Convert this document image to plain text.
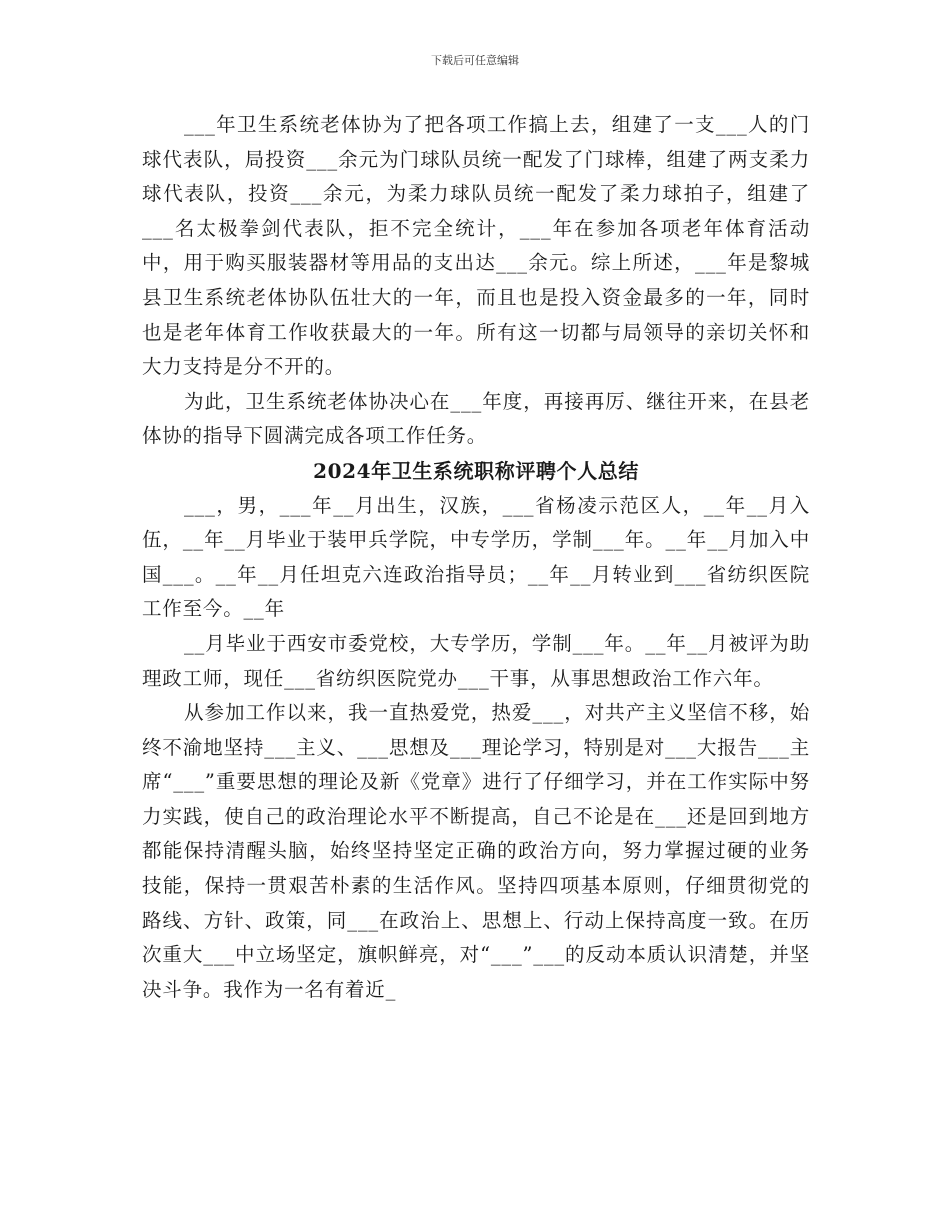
下载后可任意编辑

___年卫生系统老体协为了把各项工作搞上去，组建了一支___人的门球代表队，局投资___余元为门球队员统一配发了门球棒，组建了两支柔力球代表队，投资___余元，为柔力球队员统一配发了柔力球拍子，组建了___名太极拳剑代表队，拒不完全统计，___年在参加各项老年体育活动中，用于购买服装器材等用品的支出达___余元。综上所述，___年是黎城县卫生系统老体协队伍壮大的一年，而且也是投入资金最多的一年，同时也是老年体育工作收获最大的一年。所有这一切都与局领导的亲切关怀和大力支持是分不开的。

为此，卫生系统老体协决心在___年度，再接再厉、继往开来，在县老体协的指导下圆满完成各项工作任务。

2024年卫生系统职称评聘个人总结

___，男，___年__月出生，汉族，___省杨凌示范区人，__年__月入伍，__年__月毕业于装甲兵学院，中专学历，学制___年。__年__月加入中国___。__年__月任坦克六连政治指导员；__年__月转业到___省纺织医院工作至今。__年

__月毕业于西安市委党校，大专学历，学制___年。__年__月被评为助理政工师，现任___省纺织医院党办___干事，从事思想政治工作六年。

从参加工作以来，我一直热爱党，热爱___，对共产主义坚信不移，始终不渝地坚持___主义、___思想及___理论学习，特别是对___大报告___主席“___”重要思想的理论及新《党章》进行了仔细学习，并在工作实际中努力实践，使自己的政治理论水平不断提高，自己不论是在___还是回到地方都能保持清醒头脑，始终坚持坚定正确的政治方向，努力掌握过硬的业务技能，保持一贯艰苦朴素的生活作风。坚持四项基本原则，仔细贯彻党的路线、方针、政策，同___在政治上、思想上、行动上保持高度一致。在历次重大___中立场坚定，旗帜鲜亮，对“___”___的反动本质认识清楚，并坚决斗争。我作为一名有着近_
